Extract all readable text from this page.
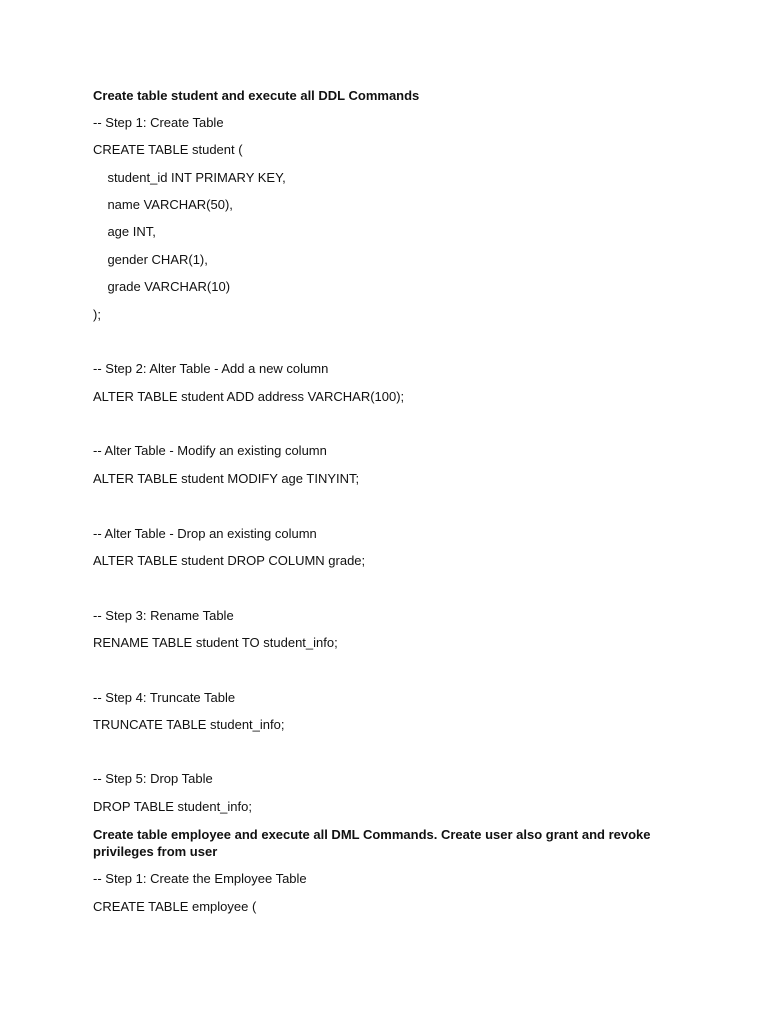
Create table student and execute all DDL Commands
-- Step 1: Create Table
CREATE TABLE student (
student_id INT PRIMARY KEY,
name VARCHAR(50),
age INT,
gender CHAR(1),
grade VARCHAR(10)
);
-- Step 2: Alter Table - Add a new column
ALTER TABLE student ADD address VARCHAR(100);
-- Alter Table - Modify an existing column
ALTER TABLE student MODIFY age TINYINT;
-- Alter Table - Drop an existing column
ALTER TABLE student DROP COLUMN grade;
-- Step 3: Rename Table
RENAME TABLE student TO student_info;
-- Step 4: Truncate Table
TRUNCATE TABLE student_info;
-- Step 5: Drop Table
DROP TABLE student_info;
Create table employee and execute all DML Commands. Create user also grant and revoke privileges from user
-- Step 1: Create the Employee Table
CREATE TABLE employee (
